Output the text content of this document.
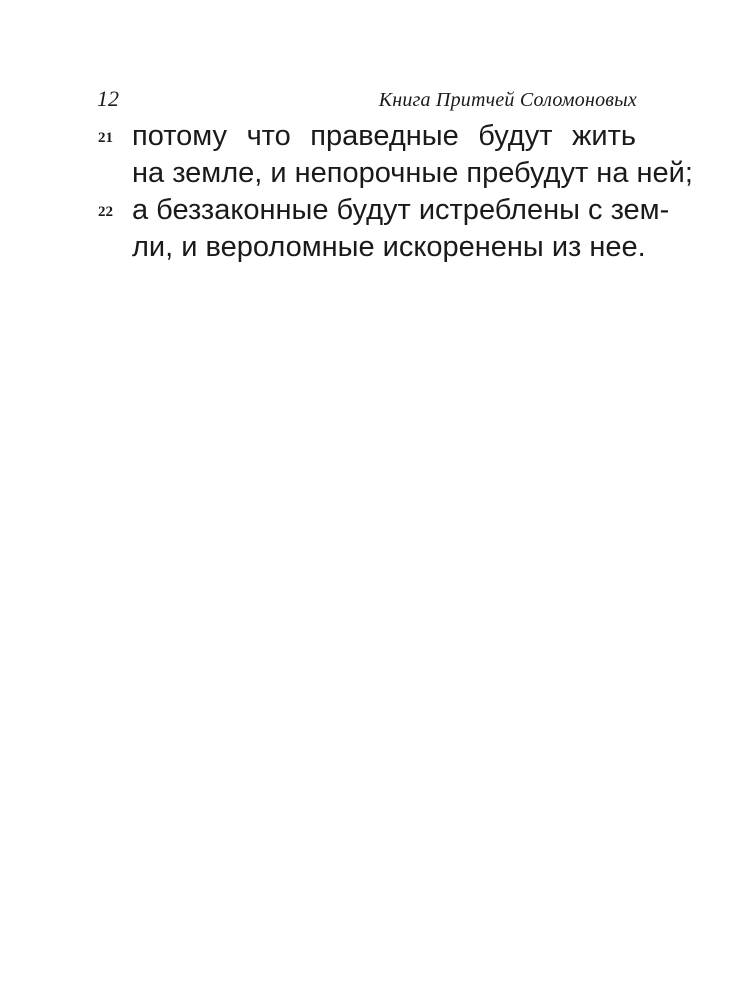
12	Книга Притчей Соломоновых

21 потому что праведные будут жить
на земле, и непорочные пребудут на ней;

22 а беззаконные будут истреблены с зем-
ли, и вероломные искоренены из нее.
